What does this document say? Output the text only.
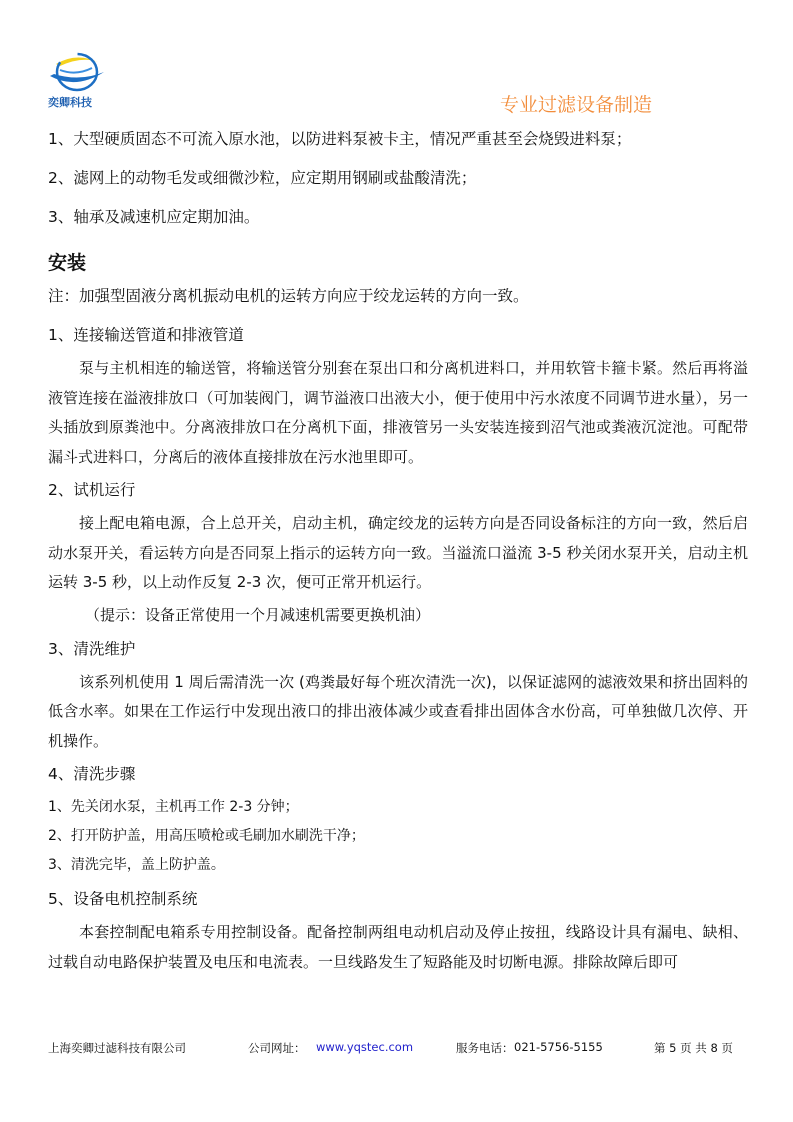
奕卿科技	专业过滤设备制造

1、大型硬质固态不可流入原水池，以防进料泵被卡主，情况严重甚至会烧毁进料泵；

2、滤网上的动物毛发或细微沙粒，应定期用钢刷或盐酸清洗；

3、轴承及减速机应定期加油。

安装

注：加强型固液分离机振动电机的运转方向应于绞龙运转的方向一致。

1、连接输送管道和排液管道

泵与主机相连的输送管，将输送管分别套在泵出口和分离机进料口，并用软管卡箍卡紧。然后再将溢液管连接在溢液排放口（可加装阀门，调节溢液口出液大小，便于使用中污水浓度不同调节进水量），另一头插放到原粪池中。分离液排放口在分离机下面，排液管另一头安装连接到沼气池或粪液沉淀池。可配带漏斗式进料口，分离后的液体直接排放在污水池里即可。

2、试机运行

接上配电箱电源，合上总开关，启动主机，确定绞龙的运转方向是否同设备标注的方向一致，然后启动水泵开关，看运转方向是否同泵上指示的运转方向一致。当溢流口溢流 3-5 秒关闭水泵开关，启动主机运转 3-5 秒，以上动作反复 2-3 次，便可正常开机运行。

（提示：设备正常使用一个月减速机需要更换机油）

3、清洗维护

该系列机使用 1 周后需清洗一次 (鸡粪最好每个班次清洗一次)，以保证滤网的滤液效果和挤出固料的低含水率。如果在工作运行中发现出液口的排出液体减少或查看排出固体含水份高，可单独做几次停、开机操作。

4、清洗步骤

1、先关闭水泵，主机再工作 2-3 分钟；

2、打开防护盖，用高压喷枪或毛刷加水刷洗干净；

3、清洗完毕，盖上防护盖。

5、设备电机控制系统

本套控制配电箱系专用控制设备。配备控制两组电动机启动及停止按扭，线路设计具有漏电、缺相、过载自动电路保护装置及电压和电流表。一旦线路发生了短路能及时切断电源。排除故障后即可

上海奕卿过滤科技有限公司	公司网址： www.yqstec.com	服务电话： 021-5756-5155	第 5 页 共 8 页
